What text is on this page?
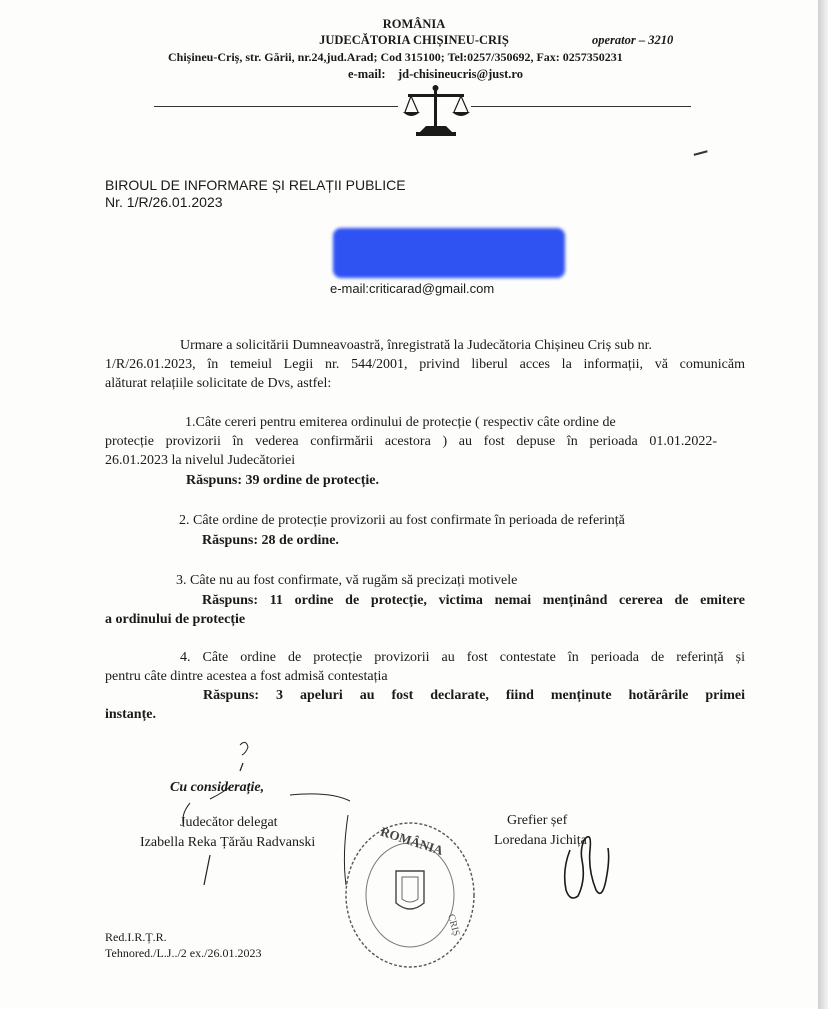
ROMÂNIA
JUDECĂTORIA CHIȘINEU-CRIȘ	operator – 3210
Chișineu-Criș, str. Gării, nr.24,jud.Arad; Cod 315100; Tel:0257/350692, Fax: 0257350231
e-mail: jd-chisineucris@just.ro
BIROUL DE INFORMARE ȘI RELAȚII PUBLICE
Nr. 1/R/26.01.2023
e-mail:criticarad@gmail.com
Urmare a solicitării Dumneavoastră, înregistrată la Judecătoria Chișineu Criș sub nr.
1/R/26.01.2023, în temeiul Legii nr. 544/2001, privind liberul acces la informații, vă comunicăm
alăturat relațiile solicitate de Dvs, astfel:
1.Câte cereri pentru emiterea ordinului de protecție ( respectiv câte ordine de
protecție provizorii în vederea confirmării acestora ) au fost depuse în perioada 01.01.2022-
26.01.2023 la nivelul Judecătoriei
Răspuns: 39 ordine de protecție.
2. Câte ordine de protecție provizorii au fost confirmate în perioada de referință
Răspuns: 28 de ordine.
3. Câte nu au fost confirmate, vă rugăm să precizați motivele
Răspuns: 11 ordine de protecție, victima nemai menținând cererea de emitere
a ordinului de protecție
4. Câte ordine de protecție provizorii au fost contestate în perioada de referință și
pentru câte dintre acestea a fost admisă contestația
Răspuns: 3 apeluri au fost declarate, fiind menținute hotărârile primei
instanțe.
Cu considerație,
Judecător delegat
Izabella Reka Țărău Radvanski
Grefier șef
Loredana Jichița
ROMÂNIA
CRIȘ
Red.I.R.Ț.R.
Tehnored./L.J../2 ex./26.01.2023
